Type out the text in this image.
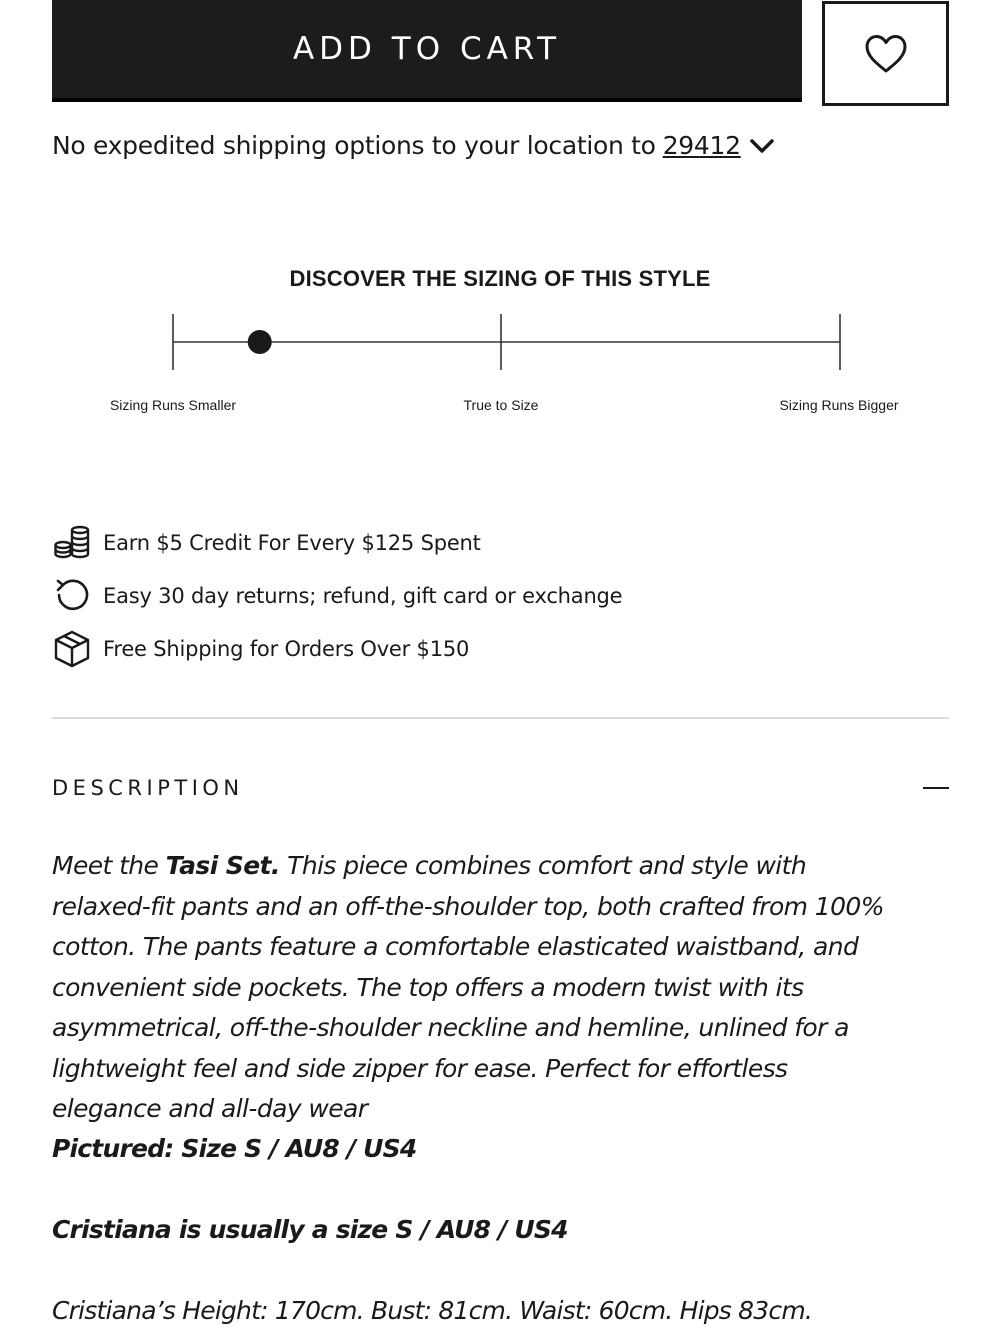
ADD TO CART
No expedited shipping options to your location to 29412
DISCOVER THE SIZING OF THIS STYLE
Sizing Runs Smaller	True to Size	Sizing Runs Bigger
Earn $5 Credit For Every $125 Spent
Easy 30 day returns; refund, gift card or exchange
Free Shipping for Orders Over $150
DESCRIPTION
Meet the Tasi Set. This piece combines comfort and style with relaxed-fit pants and an off-the-shoulder top, both crafted from 100% cotton. The pants feature a comfortable elasticated waistband, and convenient side pockets. The top offers a modern twist with its asymmetrical, off-the-shoulder neckline and hemline, unlined for a lightweight feel and side zipper for ease. Perfect for effortless elegance and all-day wear
Pictured: Size S / AU8 / US4
Cristiana is usually a size S / AU8 / US4
Cristiana’s Height: 170cm. Bust: 81cm. Waist: 60cm. Hips 83cm.
